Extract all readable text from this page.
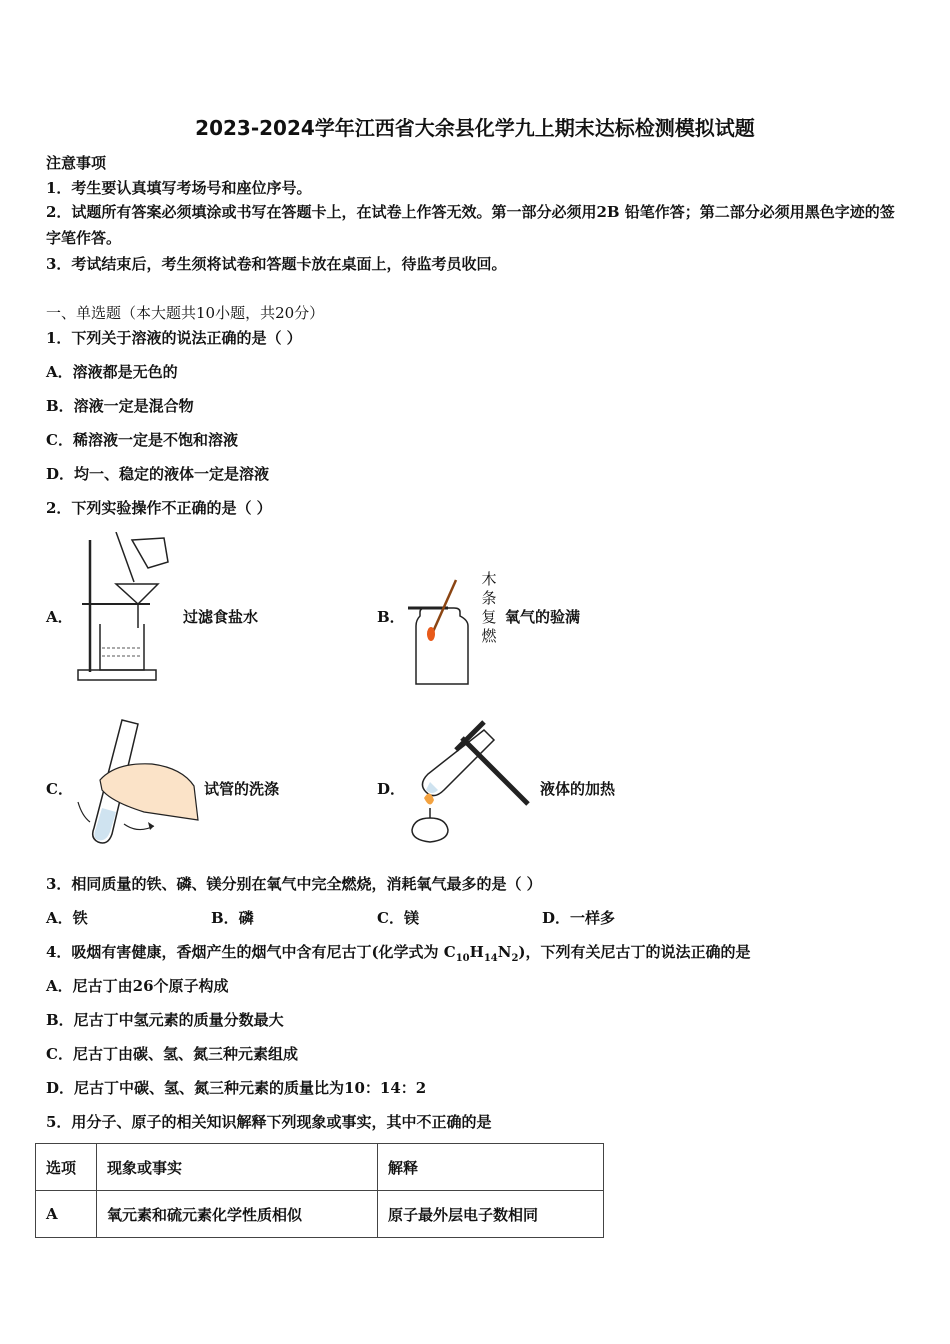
2023-2024学年江西省大余县化学九上期末达标检测模拟试题
注意事项
1．考生要认真填写考场号和座位序号。
2．试题所有答案必须填涂或书写在答题卡上，在试卷上作答无效。第一部分必须用2B 铅笔作答；第二部分必须用黑色字迹的签字笔作答。
3．考试结束后，考生须将试卷和答题卡放在桌面上，待监考员收回。
一、单选题（本大题共10小题，共20分）
1．下列关于溶液的说法正确的是（ ）
A．溶液都是无色的
B．溶液一定是混合物
C．稀溶液一定是不饱和溶液
D．均一、稳定的液体一定是溶液
2．下列实验操作不正确的是（ ）
A．	过滤食盐水	B．
木
条
复
燃
氧气的验满
C．	试管的洗涤	D．	液体的加热
3．相同质量的铁、磷、镁分别在氧气中完全燃烧，消耗氧气最多的是（ ）
A．铁	B．磷	C．镁	D．一样多
4．吸烟有害健康，香烟产生的烟气中含有尼古丁(化学式为 $C_{10}H_{14}N_2$)，下列有关尼古丁的说法正确的是
A．尼古丁由26个原子构成
B．尼古丁中氢元素的质量分数最大
C．尼古丁由碳、氢、氮三种元素组成
D．尼古丁中碳、氢、氮三种元素的质量比为10：14：2
5．用分子、原子的相关知识解释下列现象或事实，其中不正确的是
选项	现象或事实	解释
A	氧元素和硫元素化学性质相似	原子最外层电子数相同
